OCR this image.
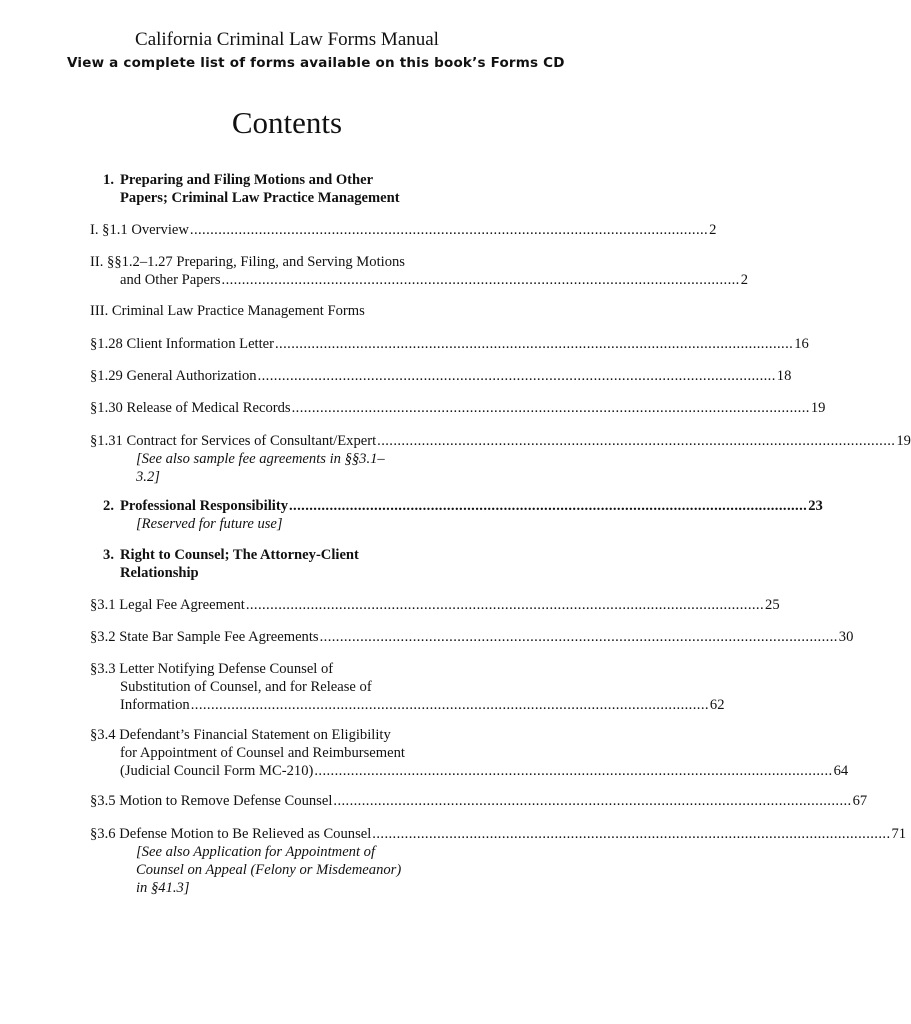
California Criminal Law Forms Manual
View a complete list of forms available on this book’s Forms CD
Contents
1. Preparing and Filing Motions and Other
Papers; Criminal Law Practice Management
I. §1.1 Overview ................................................................................................................................ 2
II. §§1.2–1.27 Preparing, Filing, and Serving Motions
and Other Papers ................................................................................................................................ 2
III. Criminal Law Practice Management Forms
§1.28 Client Information Letter ................................................................................................................................ 16
§1.29 General Authorization ................................................................................................................................ 18
§1.30 Release of Medical Records ................................................................................................................................ 19
§1.31 Contract for Services of Consultant/Expert ................................................................................................................................ 19
[See also sample fee agreements in §§3.1–
3.2]
2. Professional Responsibility ................................................................................................................................ 23
[Reserved for future use]
3. Right to Counsel; The Attorney-Client
Relationship
§3.1 Legal Fee Agreement ................................................................................................................................ 25
§3.2 State Bar Sample Fee Agreements ................................................................................................................................ 30
§3.3 Letter Notifying Defense Counsel of
Substitution of Counsel, and for Release of
Information ................................................................................................................................ 62
§3.4 Defendant’s Financial Statement on Eligibility
for Appointment of Counsel and Reimbursement
(Judicial Council Form MC-210) ................................................................................................................................ 64
§3.5 Motion to Remove Defense Counsel ................................................................................................................................ 67
§3.6 Defense Motion to Be Relieved as Counsel ................................................................................................................................ 71
[See also Application for Appointment of
Counsel on Appeal (Felony or Misdemeanor)
in §41.3]
